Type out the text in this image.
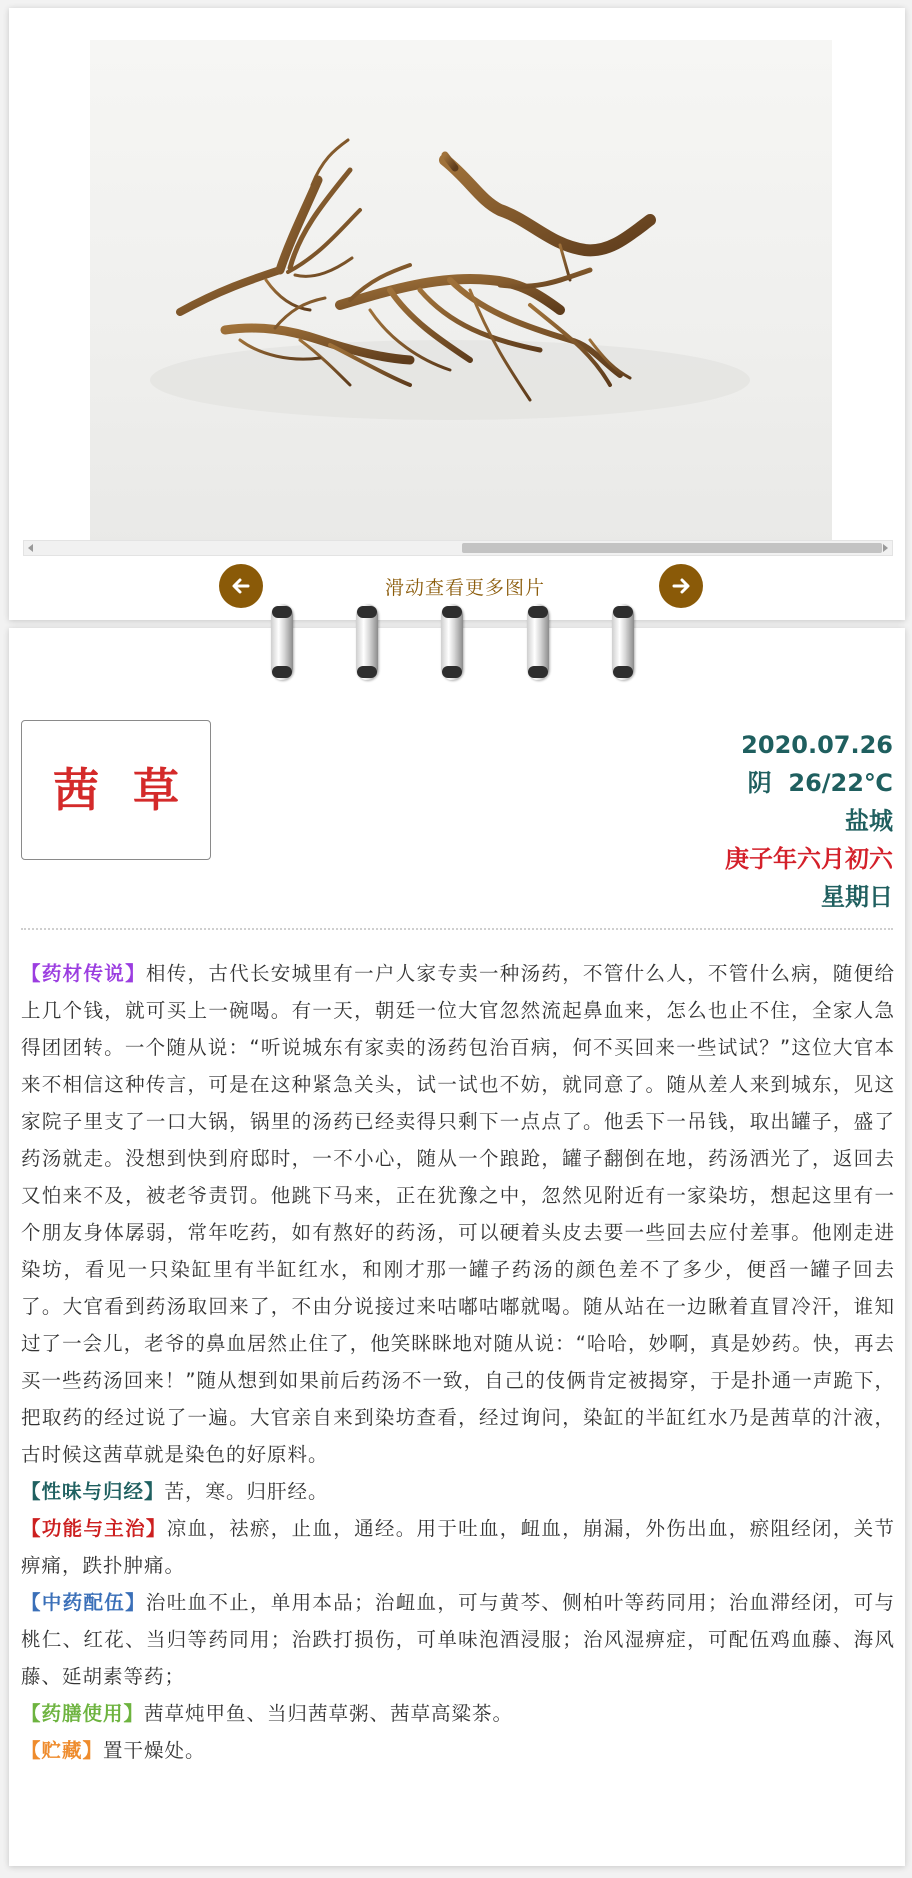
滑动查看更多图片
茜 草
2020.07.26
阴  26/22℃
盐城
庚子年六月初六
星期日

【药材传说】相传，古代长安城里有一户人家专卖一种汤药，不管什么人，不管什么病，随便给上几个钱，就可买上一碗喝。有一天，朝廷一位大官忽然流起鼻血来，怎么也止不住，全家人急得团团转。一个随从说：“听说城东有家卖的汤药包治百病，何不买回来一些试试？”这位大官本来不相信这种传言，可是在这种紧急关头，试一试也不妨，就同意了。随从差人来到城东，见这家院子里支了一口大锅，锅里的汤药已经卖得只剩下一点点了。他丢下一吊钱，取出罐子，盛了药汤就走。没想到快到府邸时，一不小心，随从一个踉跄，罐子翻倒在地，药汤洒光了，返回去又怕来不及，被老爷责罚。他跳下马来，正在犹豫之中，忽然见附近有一家染坊，想起这里有一个朋友身体孱弱，常年吃药，如有熬好的药汤，可以硬着头皮去要一些回去应付差事。他刚走进染坊，看见一只染缸里有半缸红水，和刚才那一罐子药汤的颜色差不了多少，便舀一罐子回去了。大官看到药汤取回来了，不由分说接过来咕嘟咕嘟就喝。随从站在一边瞅着直冒冷汗，谁知过了一会儿，老爷的鼻血居然止住了，他笑眯眯地对随从说：“哈哈，妙啊，真是妙药。快，再去买一些药汤回来！”随从想到如果前后药汤不一致，自己的伎俩肯定被揭穿，于是扑通一声跪下，把取药的经过说了一遍。大官亲自来到染坊查看，经过询问，染缸的半缸红水乃是茜草的汁液，古时候这茜草就是染色的好原料。

【性味与归经】苦，寒。归肝经。

【功能与主治】凉血，祛瘀，止血，通经。用于吐血，衄血，崩漏，外伤出血，瘀阻经闭，关节痹痛，跌扑肿痛。

【中药配伍】治吐血不止，单用本品；治衄血，可与黄芩、侧柏叶等药同用；治血滞经闭，可与桃仁、红花、当归等药同用；治跌打损伤，可单味泡酒浸服；治风湿痹症，可配伍鸡血藤、海风藤、延胡素等药；

【药膳使用】茜草炖甲鱼、当归茜草粥、茜草高粱茶。

【贮藏】置干燥处。
